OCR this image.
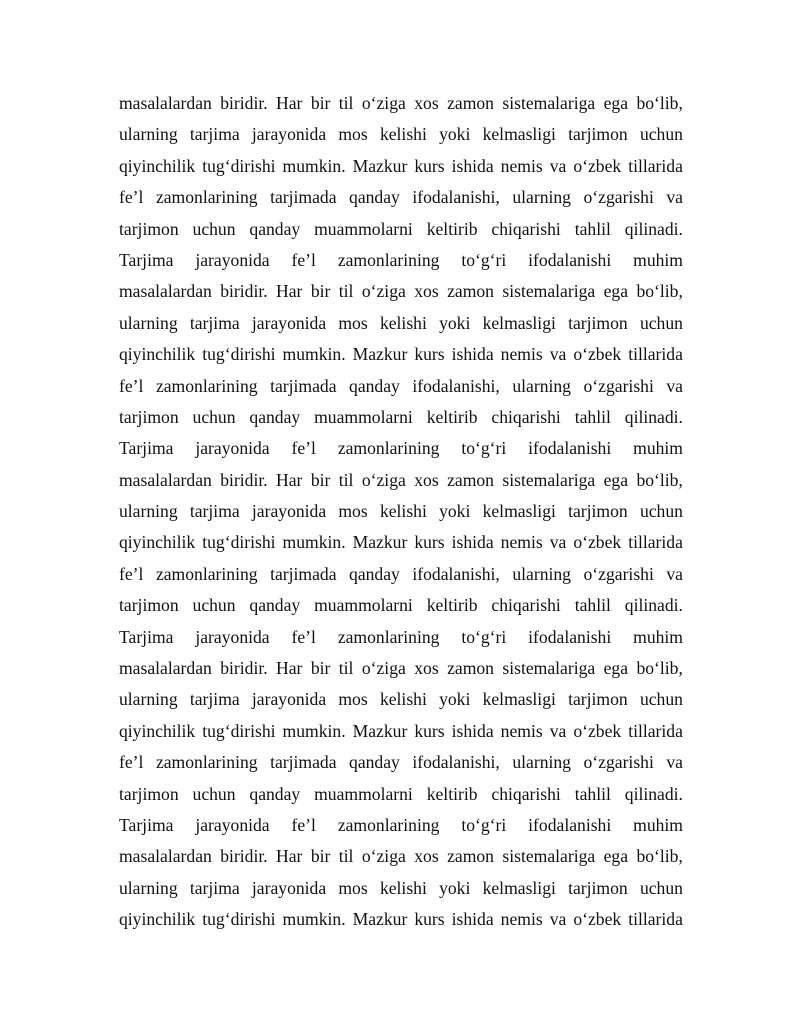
masalalardan biridir. Har bir til o‘ziga xos zamon sistemalariga ega bo‘lib,
ularning tarjima jarayonida mos kelishi yoki kelmasligi tarjimon uchun
qiyinchilik tug‘dirishi mumkin. Mazkur kurs ishida nemis va o‘zbek tillarida
fe’l zamonlarining tarjimada qanday ifodalanishi, ularning o‘zgarishi va
tarjimon uchun qanday muammolarni keltirib chiqarishi tahlil qilinadi.
Tarjima jarayonida fe’l zamonlarining to‘g‘ri ifodalanishi muhim
masalalardan biridir. Har bir til o‘ziga xos zamon sistemalariga ega bo‘lib,
ularning tarjima jarayonida mos kelishi yoki kelmasligi tarjimon uchun
qiyinchilik tug‘dirishi mumkin. Mazkur kurs ishida nemis va o‘zbek tillarida
fe’l zamonlarining tarjimada qanday ifodalanishi, ularning o‘zgarishi va
tarjimon uchun qanday muammolarni keltirib chiqarishi tahlil qilinadi.
Tarjima jarayonida fe’l zamonlarining to‘g‘ri ifodalanishi muhim
masalalardan biridir. Har bir til o‘ziga xos zamon sistemalariga ega bo‘lib,
ularning tarjima jarayonida mos kelishi yoki kelmasligi tarjimon uchun
qiyinchilik tug‘dirishi mumkin. Mazkur kurs ishida nemis va o‘zbek tillarida
fe’l zamonlarining tarjimada qanday ifodalanishi, ularning o‘zgarishi va
tarjimon uchun qanday muammolarni keltirib chiqarishi tahlil qilinadi.
Tarjima jarayonida fe’l zamonlarining to‘g‘ri ifodalanishi muhim
masalalardan biridir. Har bir til o‘ziga xos zamon sistemalariga ega bo‘lib,
ularning tarjima jarayonida mos kelishi yoki kelmasligi tarjimon uchun
qiyinchilik tug‘dirishi mumkin. Mazkur kurs ishida nemis va o‘zbek tillarida
fe’l zamonlarining tarjimada qanday ifodalanishi, ularning o‘zgarishi va
tarjimon uchun qanday muammolarni keltirib chiqarishi tahlil qilinadi.
Tarjima jarayonida fe’l zamonlarining to‘g‘ri ifodalanishi muhim
masalalardan biridir. Har bir til o‘ziga xos zamon sistemalariga ega bo‘lib,
ularning tarjima jarayonida mos kelishi yoki kelmasligi tarjimon uchun
qiyinchilik tug‘dirishi mumkin. Mazkur kurs ishida nemis va o‘zbek tillarida
